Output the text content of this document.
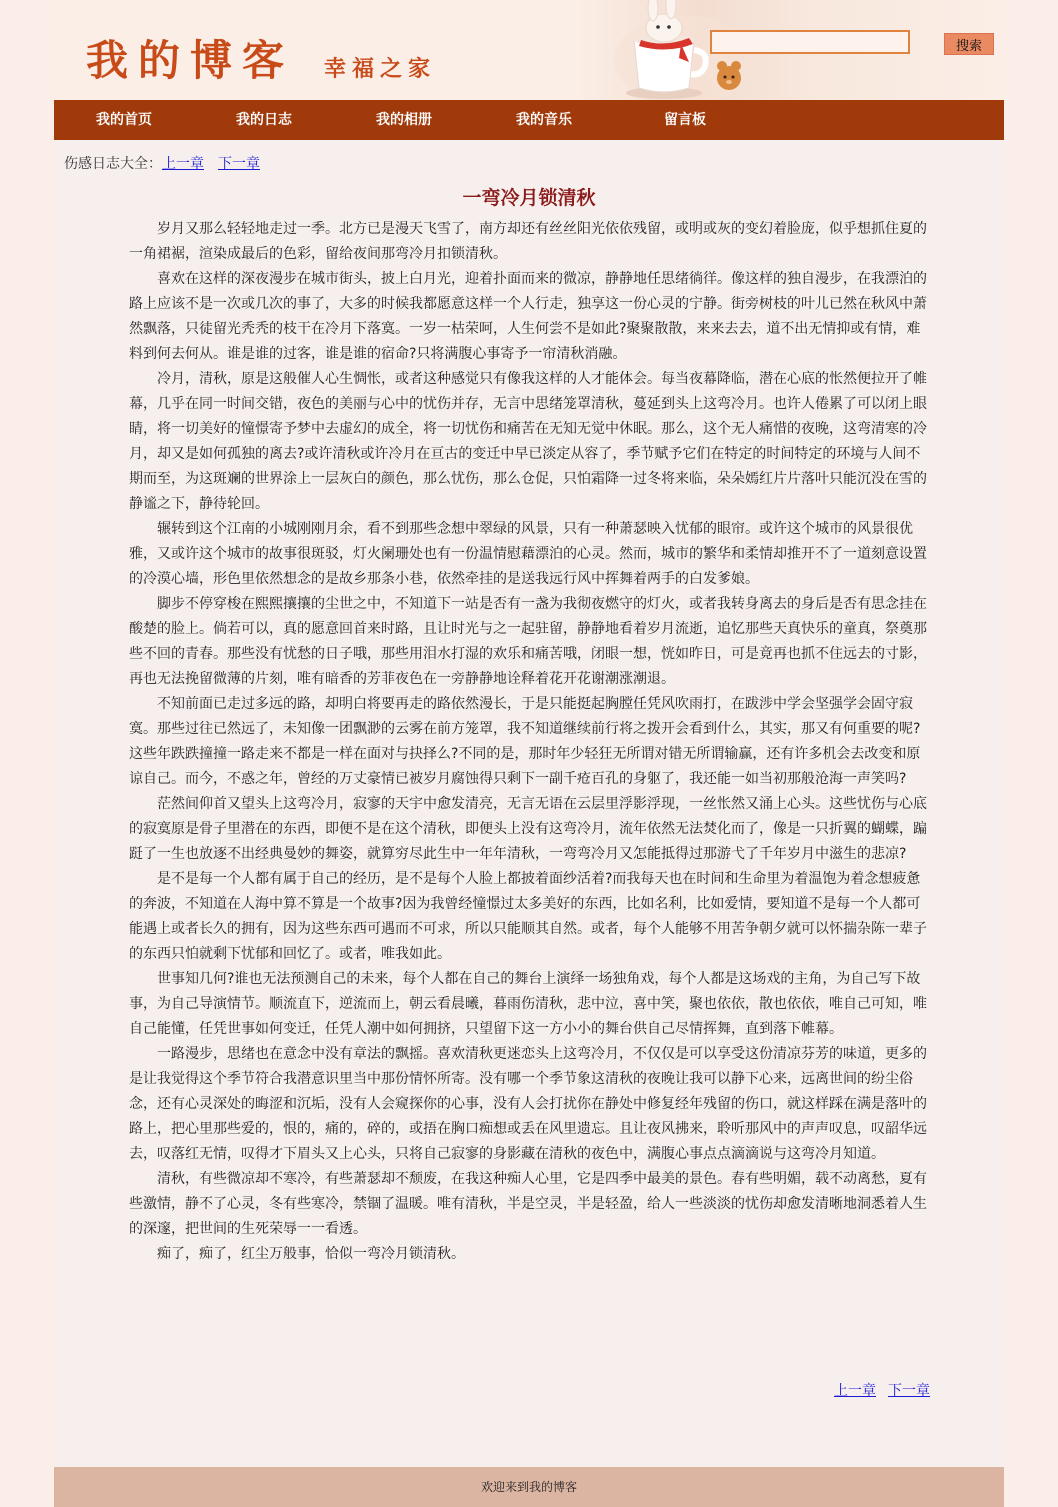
我的博客 幸福之家
搜索
我的首页	我的日志	我的相册	我的音乐	留言板
伤感日志大全：上一章 下一章
一弯冷月锁清秋

岁月又那么轻轻地走过一季。北方已是漫天飞雪了，南方却还有丝丝阳光依依残留，或明或灰的变幻着脸庞，似乎想抓住夏的一角裙裾，渲染成最后的色彩，留给夜间那弯冷月扣锁清秋。

喜欢在这样的深夜漫步在城市街头，披上白月光，迎着扑面而来的微凉，静静地任思绪徜徉。像这样的独自漫步，在我漂泊的路上应该不是一次或几次的事了，大多的时候我都愿意这样一个人行走，独享这一份心灵的宁静。街旁树枝的叶儿已然在秋风中萧然飘落，只徒留光秃秃的枝干在冷月下落寞。一岁一枯荣呵，人生何尝不是如此?聚聚散散，来来去去，道不出无情抑或有情，难料到何去何从。谁是谁的过客，谁是谁的宿命?只将满腹心事寄予一帘清秋消融。

冷月，清秋，原是这般催人心生惆怅，或者这种感觉只有像我这样的人才能体会。每当夜幕降临，潜在心底的怅然便拉开了帷幕，几乎在同一时间交错，夜色的美丽与心中的忧伤并存，无言中思绪笼罩清秋，蔓延到头上这弯冷月。也许人倦累了可以闭上眼睛，将一切美好的憧憬寄予梦中去虚幻的成全，将一切忧伤和痛苦在无知无觉中休眠。那么，这个无人痛惜的夜晚，这弯清寒的冷月，却又是如何孤独的离去?或许清秋或许冷月在亘古的变迁中早已淡定从容了，季节赋予它们在特定的时间特定的环境与人间不期而至，为这斑斓的世界涂上一层灰白的颜色，那么忧伤，那么仓促，只怕霜降一过冬将来临，朵朵嫣红片片落叶只能沉没在雪的静谧之下，静待轮回。

辗转到这个江南的小城刚刚月余，看不到那些念想中翠绿的风景，只有一种萧瑟映入忧郁的眼帘。或许这个城市的风景很优雅，又或许这个城市的故事很斑驳，灯火阑珊处也有一份温情慰藉漂泊的心灵。然而，城市的繁华和柔情却推开不了一道刻意设置的冷漠心墙，形色里依然想念的是故乡那条小巷，依然牵挂的是送我远行风中挥舞着两手的白发爹娘。

脚步不停穿梭在熙熙攘攘的尘世之中，不知道下一站是否有一盏为我彻夜燃守的灯火，或者我转身离去的身后是否有思念挂在酸楚的脸上。倘若可以，真的愿意回首来时路，且让时光与之一起驻留，静静地看着岁月流逝，追忆那些天真快乐的童真，祭奠那些不回的青春。那些没有忧愁的日子哦，那些用泪水打湿的欢乐和痛苦哦，闭眼一想，恍如昨日，可是竟再也抓不住远去的寸影，再也无法挽留微薄的片刻，唯有暗香的芳菲夜色在一旁静静地诠释着花开花谢潮涨潮退。

不知前面已走过多远的路，却明白将要再走的路依然漫长，于是只能挺起胸膛任凭风吹雨打，在跋涉中学会坚强学会固守寂寞。那些过往已然远了，未知像一团飘渺的云雾在前方笼罩，我不知道继续前行将之拨开会看到什么，其实，那又有何重要的呢?这些年跌跌撞撞一路走来不都是一样在面对与抉择么?不同的是，那时年少轻狂无所谓对错无所谓输赢，还有许多机会去改变和原谅自己。而今，不惑之年，曾经的万丈豪情已被岁月腐蚀得只剩下一副千疮百孔的身躯了，我还能一如当初那般沧海一声笑吗?

茫然间仰首又望头上这弯冷月，寂寥的天宇中愈发清亮，无言无语在云层里浮影浮现，一丝怅然又涌上心头。这些忧伤与心底的寂寞原是骨子里潜在的东西，即便不是在这个清秋，即便头上没有这弯冷月，流年依然无法焚化而了，像是一只折翼的蝴蝶，蹁跹了一生也放逐不出经典曼妙的舞姿，就算穷尽此生中一年年清秋，一弯弯冷月又怎能抵得过那游弋了千年岁月中滋生的悲凉?

是不是每一个人都有属于自己的经历，是不是每个人脸上都披着面纱活着?而我每天也在时间和生命里为着温饱为着念想疲惫的奔波，不知道在人海中算不算是一个故事?因为我曾经憧憬过太多美好的东西，比如名利，比如爱情，要知道不是每一个人都可能遇上或者长久的拥有，因为这些东西可遇而不可求，所以只能顺其自然。或者，每个人能够不用苦争朝夕就可以怀揣杂陈一辈子的东西只怕就剩下忧郁和回忆了。或者，唯我如此。

世事知几何?谁也无法预测自己的未来，每个人都在自己的舞台上演绎一场独角戏，每个人都是这场戏的主角，为自己写下故事，为自己导演情节。顺流直下，逆流而上，朝云看晨曦，暮雨伤清秋，悲中泣，喜中笑，聚也依依，散也依依，唯自己可知，唯自己能懂，任凭世事如何变迁，任凭人潮中如何拥挤，只望留下这一方小小的舞台供自己尽情挥舞，直到落下帷幕。

一路漫步，思绪也在意念中没有章法的飘摇。喜欢清秋更迷恋头上这弯冷月，不仅仅是可以享受这份清凉芬芳的味道，更多的是让我觉得这个季节符合我潜意识里当中那份情怀所寄。没有哪一个季节象这清秋的夜晚让我可以静下心来，远离世间的纷尘俗念，还有心灵深处的晦涩和沉垢，没有人会窥探你的心事，没有人会打扰你在静处中修复经年残留的伤口，就这样踩在满是落叶的路上，把心里那些爱的，恨的，痛的，碎的，或捂在胸口痴想或丢在风里遗忘。且让夜风拂来，聆听那风中的声声叹息，叹韶华远去，叹落红无情，叹得才下眉头又上心头，只将自己寂寥的身影藏在清秋的夜色中，满腹心事点点滴滴说与这弯冷月知道。

清秋，有些微凉却不寒冷，有些萧瑟却不颓废，在我这种痴人心里，它是四季中最美的景色。春有些明媚，载不动离愁，夏有些激情，静不了心灵，冬有些寒冷，禁锢了温暖。唯有清秋，半是空灵，半是轻盈，给人一些淡淡的忧伤却愈发清晰地洞悉着人生的深邃，把世间的生死荣辱一一看透。

痴了，痴了，红尘万般事，恰似一弯冷月锁清秋。

上一章 下一章
欢迎来到我的博客
